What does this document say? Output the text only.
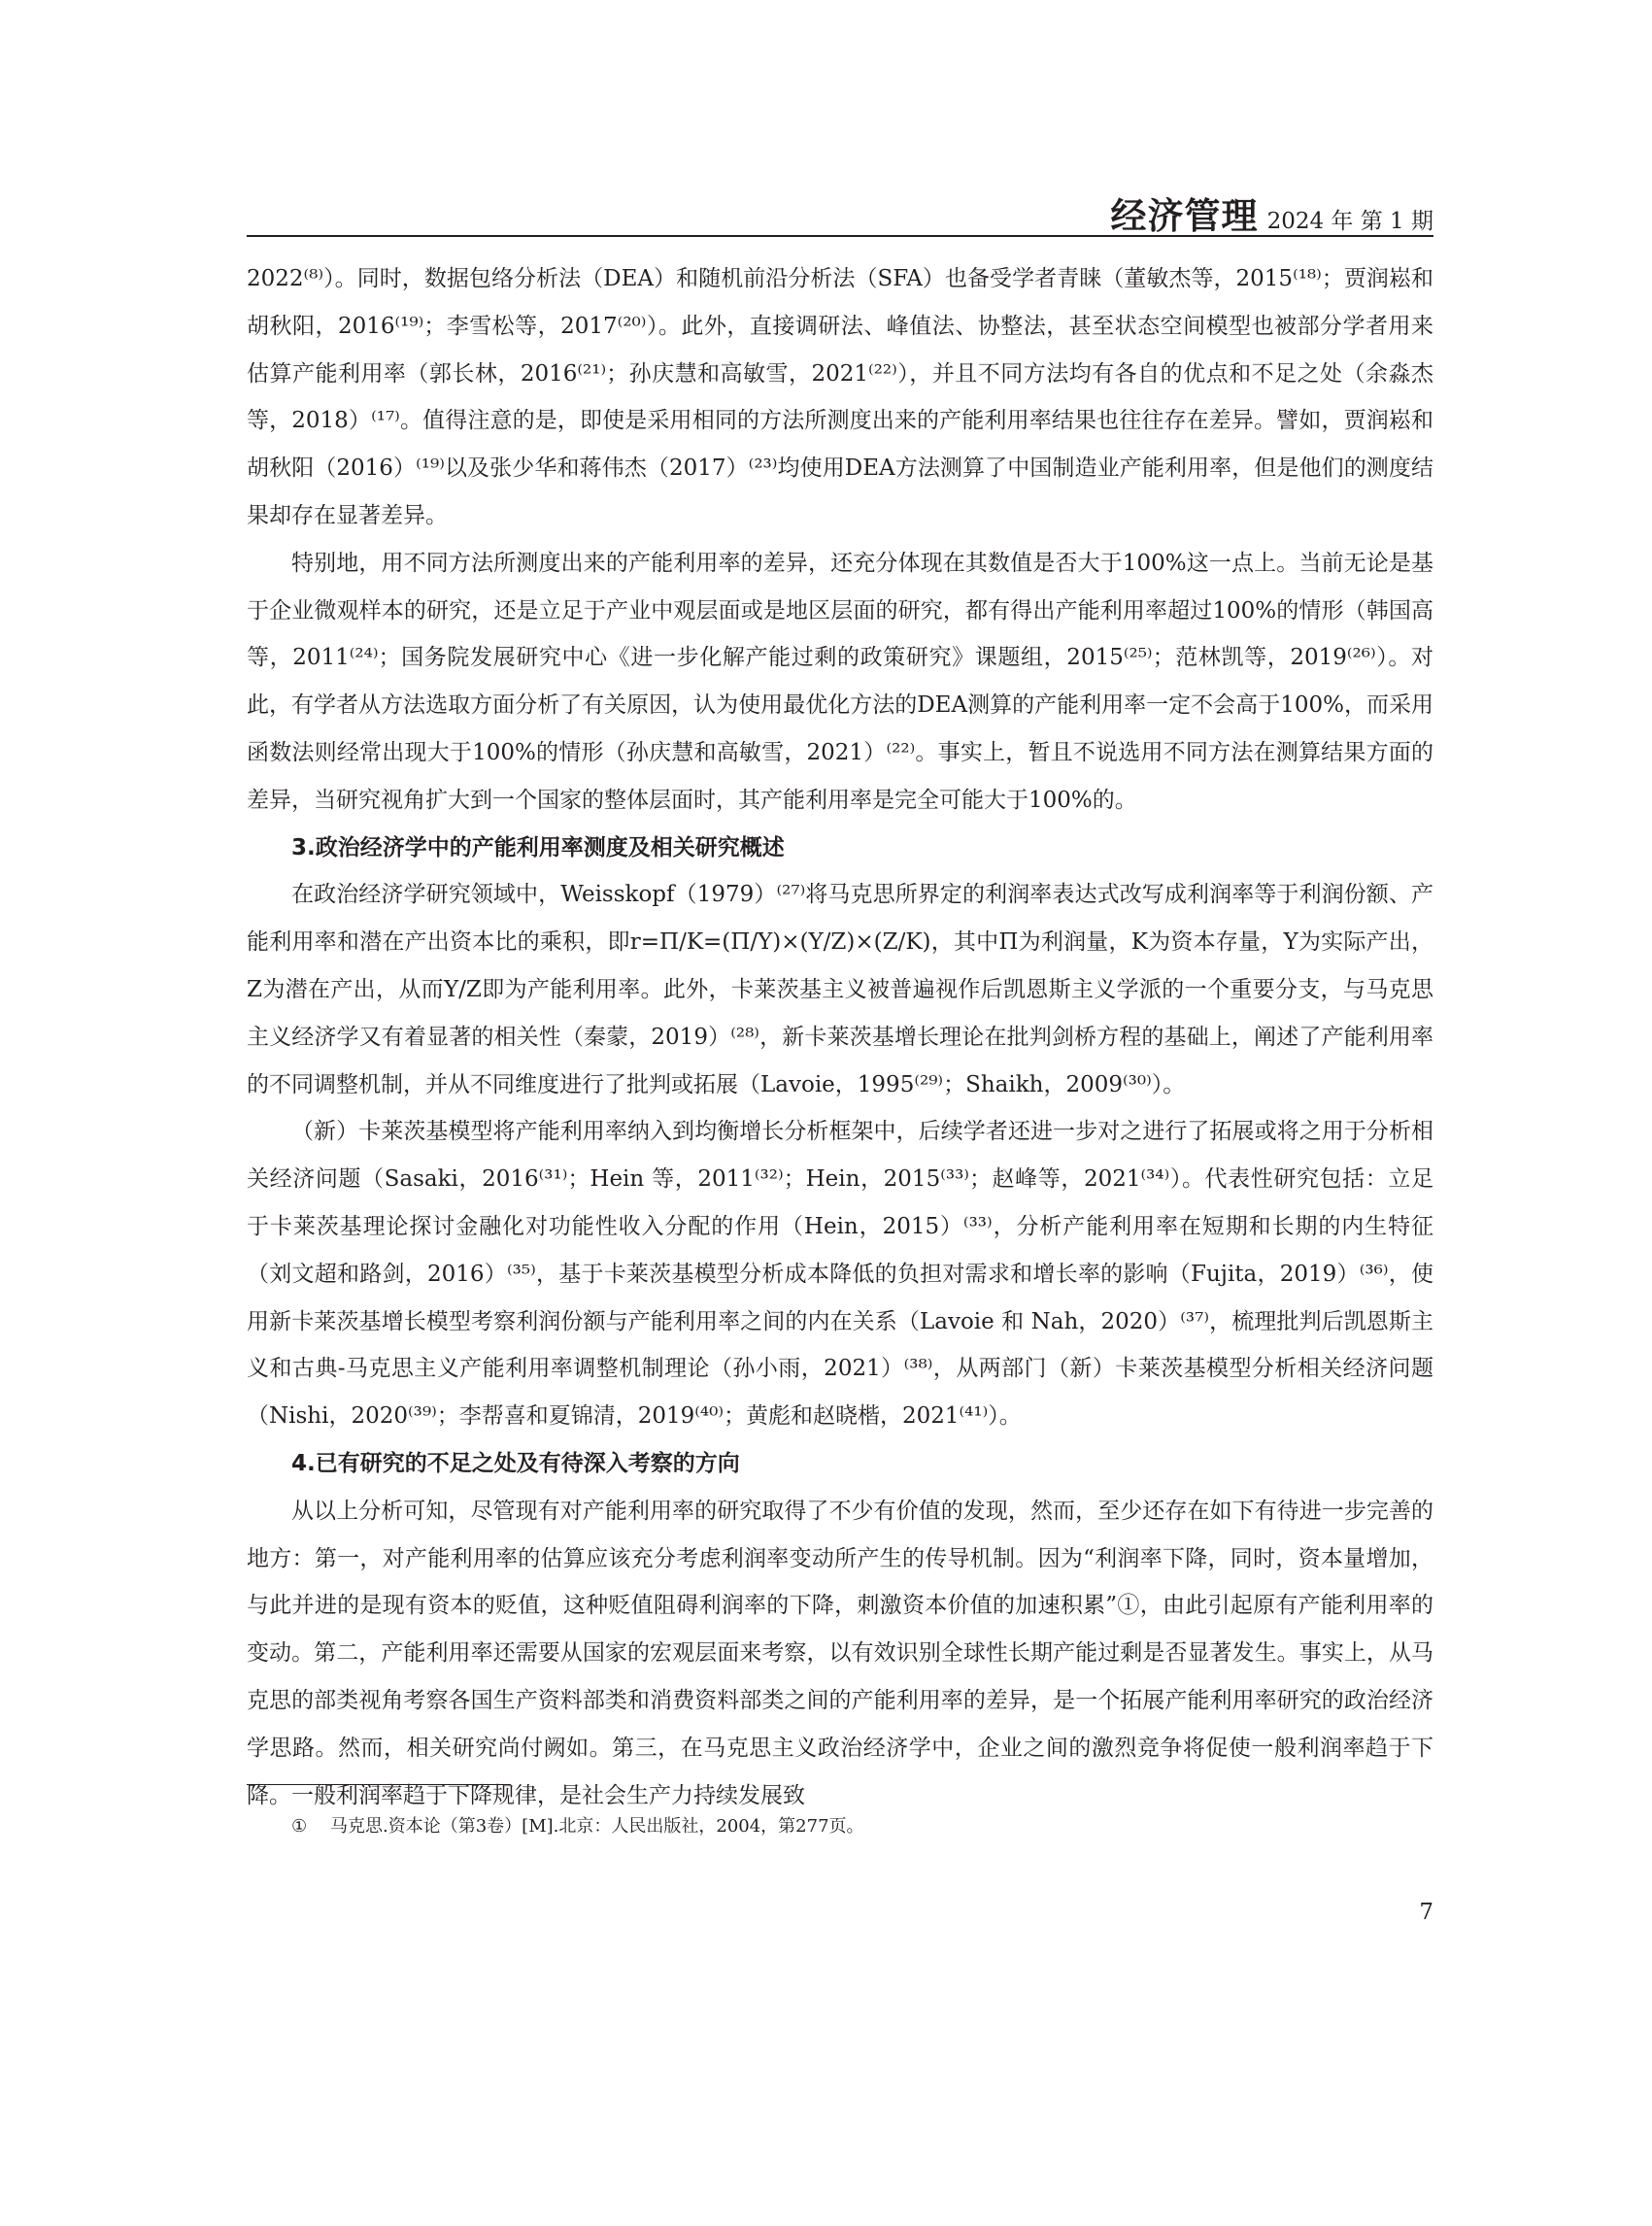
经济管理 2024 年 第 1 期

2022⁽⁸⁾）。同时，数据包络分析法（DEA）和随机前沿分析法（SFA）也备受学者青睐（董敏杰等，2015⁽¹⁸⁾；贾润崧和胡秋阳，2016⁽¹⁹⁾；李雪松等，2017⁽²⁰⁾）。此外，直接调研法、峰值法、协整法，甚至状态空间模型也被部分学者用来估算产能利用率（郭长林，2016⁽²¹⁾；孙庆慧和高敏雪，2021⁽²²⁾），并且不同方法均有各自的优点和不足之处（余淼杰等，2018）⁽¹⁷⁾。值得注意的是，即使是采用相同的方法所测度出来的产能利用率结果也往往存在差异。譬如，贾润崧和胡秋阳（2016）⁽¹⁹⁾以及张少华和蒋伟杰（2017）⁽²³⁾均使用DEA方法测算了中国制造业产能利用率，但是他们的测度结果却存在显著差异。

特别地，用不同方法所测度出来的产能利用率的差异，还充分体现在其数值是否大于100%这一点上。当前无论是基于企业微观样本的研究，还是立足于产业中观层面或是地区层面的研究，都有得出产能利用率超过100%的情形（韩国高等，2011⁽²⁴⁾；国务院发展研究中心《进一步化解产能过剩的政策研究》课题组，2015⁽²⁵⁾；范林凯等，2019⁽²⁶⁾）。对此，有学者从方法选取方面分析了有关原因，认为使用最优化方法的DEA测算的产能利用率一定不会高于100%，而采用函数法则经常出现大于100%的情形（孙庆慧和高敏雪，2021）⁽²²⁾。事实上，暂且不说选用不同方法在测算结果方面的差异，当研究视角扩大到一个国家的整体层面时，其产能利用率是完全可能大于100%的。

3.政治经济学中的产能利用率测度及相关研究概述

在政治经济学研究领域中，Weisskopf（1979）⁽²⁷⁾将马克思所界定的利润率表达式改写成利润率等于利润份额、产能利用率和潜在产出资本比的乘积，即r=Π/K=(Π/Y)×(Y/Z)×(Z/K)，其中Π为利润量，K为资本存量，Y为实际产出，Z为潜在产出，从而Y/Z即为产能利用率。此外，卡莱茨基主义被普遍视作后凯恩斯主义学派的一个重要分支，与马克思主义经济学又有着显著的相关性（秦蒙，2019）⁽²⁸⁾，新卡莱茨基增长理论在批判剑桥方程的基础上，阐述了产能利用率的不同调整机制，并从不同维度进行了批判或拓展（Lavoie，1995⁽²⁹⁾；Shaikh，2009⁽³⁰⁾）。

（新）卡莱茨基模型将产能利用率纳入到均衡增长分析框架中，后续学者还进一步对之进行了拓展或将之用于分析相关经济问题（Sasaki，2016⁽³¹⁾；Hein 等，2011⁽³²⁾；Hein，2015⁽³³⁾；赵峰等，2021⁽³⁴⁾）。代表性研究包括：立足于卡莱茨基理论探讨金融化对功能性收入分配的作用（Hein，2015）⁽³³⁾，分析产能利用率在短期和长期的内生特征（刘文超和路剑，2016）⁽³⁵⁾，基于卡莱茨基模型分析成本降低的负担对需求和增长率的影响（Fujita，2019）⁽³⁶⁾，使用新卡莱茨基增长模型考察利润份额与产能利用率之间的内在关系（Lavoie 和 Nah，2020）⁽³⁷⁾，梳理批判后凯恩斯主义和古典-马克思主义产能利用率调整机制理论（孙小雨，2021）⁽³⁸⁾，从两部门（新）卡莱茨基模型分析相关经济问题（Nishi，2020⁽³⁹⁾；李帮喜和夏锦清，2019⁽⁴⁰⁾；黄彪和赵晓楷，2021⁽⁴¹⁾）。

4.已有研究的不足之处及有待深入考察的方向

从以上分析可知，尽管现有对产能利用率的研究取得了不少有价值的发现，然而，至少还存在如下有待进一步完善的地方：第一，对产能利用率的估算应该充分考虑利润率变动所产生的传导机制。因为“利润率下降，同时，资本量增加，与此并进的是现有资本的贬值，这种贬值阻碍利润率的下降，刺激资本价值的加速积累”①，由此引起原有产能利用率的变动。第二，产能利用率还需要从国家的宏观层面来考察，以有效识别全球性长期产能过剩是否显著发生。事实上，从马克思的部类视角考察各国生产资料部类和消费资料部类之间的产能利用率的差异，是一个拓展产能利用率研究的政治经济学思路。然而，相关研究尚付阙如。第三，在马克思主义政治经济学中，企业之间的激烈竞争将促使一般利润率趋于下降。一般利润率趋于下降规律，是社会生产力持续发展致

① 马克思.资本论（第3卷）[M].北京：人民出版社，2004，第277页。
7
